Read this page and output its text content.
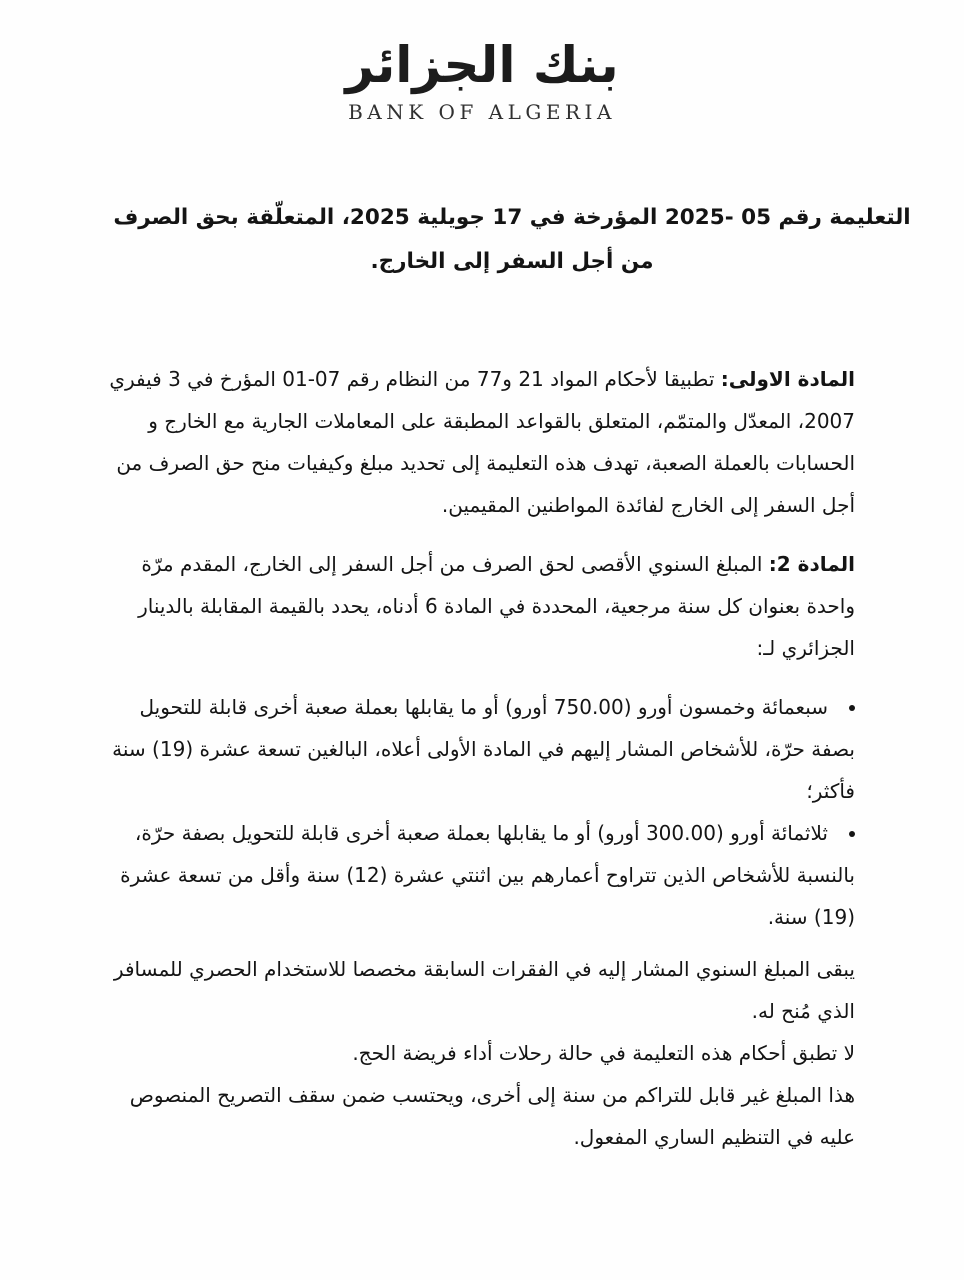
بنك الجزائر
BANK OF ALGERIA
التعليمة رقم 05 -2025 المؤرخة في 17 جويلية 2025، المتعلّقة بحق الصرف
من أجل السفر إلى الخارج.

المادة الاولى: تطبيقا لأحكام المواد 21 و77 من النظام رقم 07-01 المؤرخ في 3 فيفري 2007، المعدّل والمتمّم، المتعلق بالقواعد المطبقة على المعاملات الجارية مع الخارج و الحسابات بالعملة الصعبة، تهدف هذه التعليمة إلى تحديد مبلغ وكيفيات منح حق الصرف من أجل السفر إلى الخارج لفائدة المواطنين المقيمين.

المادة 2: المبلغ السنوي الأقصى لحق الصرف من أجل السفر إلى الخارج، المقدم مرّة واحدة بعنوان كل سنة مرجعية، المحددة في المادة 6 أدناه، يحدد بالقيمة المقابلة بالدينار الجزائري لـ:

• سبعمائة وخمسون أورو (750.00 أورو) أو ما يقابلها بعملة صعبة أخرى قابلة للتحويل بصفة حرّة، للأشخاص المشار إليهم في المادة الأولى أعلاه، البالغين تسعة عشرة (19) سنة فأكثر؛
• ثلاثمائة أورو (300.00 أورو) أو ما يقابلها بعملة صعبة أخرى قابلة للتحويل بصفة حرّة، بالنسبة للأشخاص الذين تتراوح أعمارهم بين اثنتي عشرة (12) سنة وأقل من تسعة عشرة (19) سنة.

يبقى المبلغ السنوي المشار إليه في الفقرات السابقة مخصصا للاستخدام الحصري للمسافر الذي مُنح له.

لا تطبق أحكام هذه التعليمة في حالة رحلات أداء فريضة الحج.

هذا المبلغ غير قابل للتراكم من سنة إلى أخرى، ويحتسب ضمن سقف التصريح المنصوص عليه في التنظيم الساري المفعول.
